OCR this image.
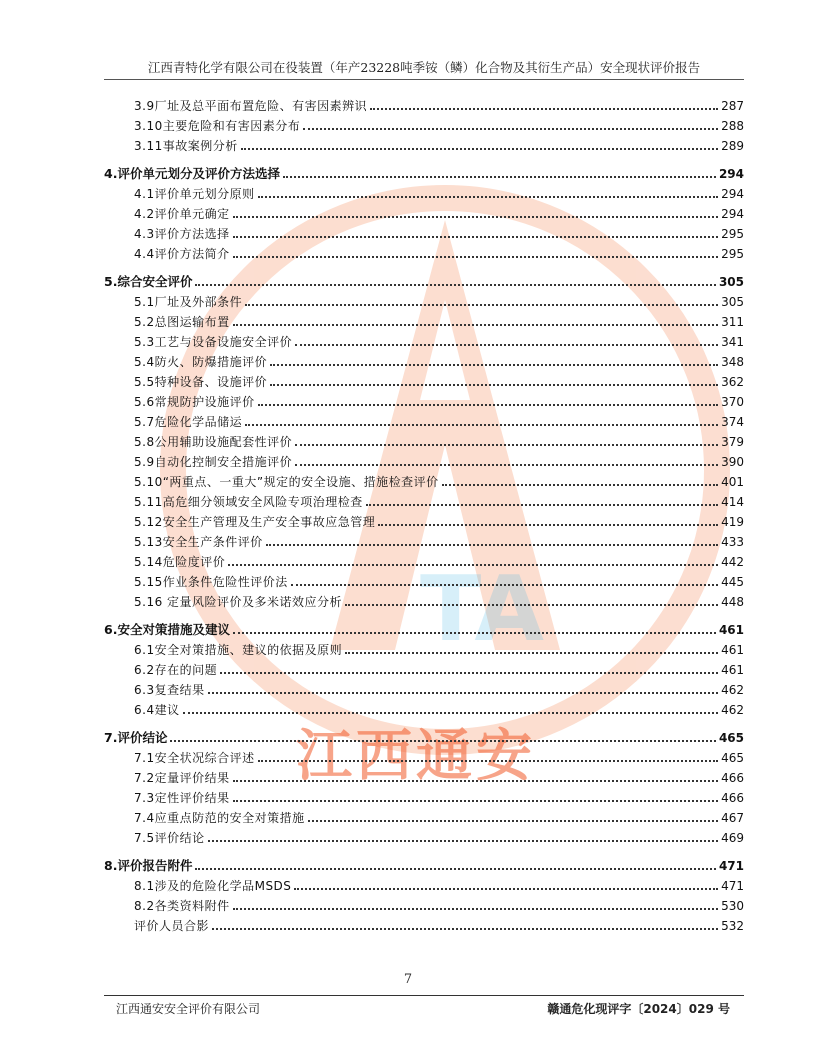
TA
江西通安
江西青特化学有限公司在役装置（年产23228吨季铵（鳞）化合物及其衍生产品）安全现状评价报告
3.9厂址及总平面布置危险、有害因素辨识	287
3.10主要危险和有害因素分布	288
3.11事故案例分析	289
4.评价单元划分及评价方法选择	294
4.1评价单元划分原则	294
4.2评价单元确定	294
4.3评价方法选择	295
4.4评价方法简介	295
5.综合安全评价	305
5.1厂址及外部条件	305
5.2总图运输布置	311
5.3工艺与设备设施安全评价	341
5.4防火、防爆措施评价	348
5.5特种设备、设施评价	362
5.6常规防护设施评价	370
5.7危险化学品储运	374
5.8公用辅助设施配套性评价	379
5.9自动化控制安全措施评价	390
5.10“两重点、一重大”规定的安全设施、措施检查评价	401
5.11高危细分领域安全风险专项治理检查	414
5.12安全生产管理及生产安全事故应急管理	419
5.13安全生产条件评价	433
5.14危险度评价	442
5.15作业条件危险性评价法	445
5.16 定量风险评价及多米诺效应分析	448
6.安全对策措施及建议	461
6.1安全对策措施、建议的依据及原则	461
6.2存在的问题	461
6.3复查结果	462
6.4建议	462
7.评价结论	465
7.1安全状况综合评述	465
7.2定量评价结果	466
7.3定性评价结果	466
7.4应重点防范的安全对策措施	467
7.5评价结论	469
8.评价报告附件	471
8.1涉及的危险化学品MSDS	471
8.2各类资料附件	530
评价人员合影	532
7
江西通安安全评价有限公司	赣通危化现评字〔2024〕029 号
